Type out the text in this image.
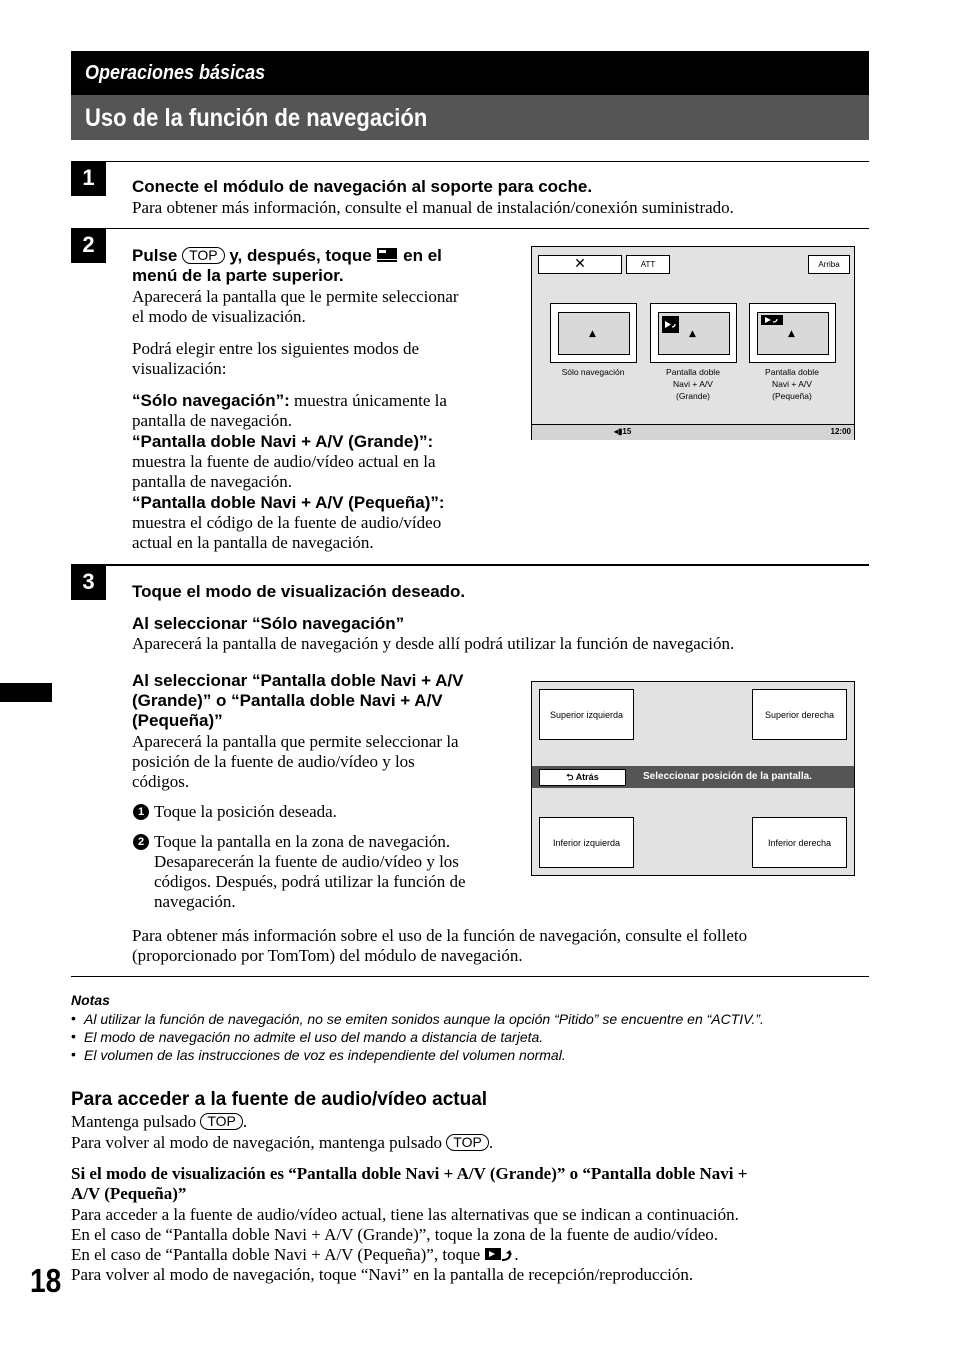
Operaciones básicas
Uso de la función de navegación
1	Conecte el módulo de navegación al soporte para coche.
Para obtener más información, consulte el manual de instalación/conexión suministrado.
2	Pulse TOP y, después, toque en el
menú de la parte superior.
Aparecerá la pantalla que le permite seleccionar
el modo de visualización.
Podrá elegir entre los siguientes modos de
visualización:
“Sólo navegación”: muestra únicamente la
pantalla de navegación.
“Pantalla doble Navi + A/V (Grande)”:
muestra la fuente de audio/vídeo actual en la
pantalla de navegación.
“Pantalla doble Navi + A/V (Pequeña)”:
muestra el código de la fuente de audio/vídeo
actual en la pantalla de navegación.
✕	ATT	Arriba
▲	▲	▲
Sólo navegación	Pantalla doble
Navi + A/V
(Grande)
Pantalla doble
Navi + A/V
(Pequeña)
◂▮15	12:00
3	Toque el modo de visualización deseado.
Al seleccionar “Sólo navegación”
Aparecerá la pantalla de navegación y desde allí podrá utilizar la función de navegación.
Al seleccionar “Pantalla doble Navi + A/V
(Grande)” o “Pantalla doble Navi + A/V
(Pequeña)”
Aparecerá la pantalla que permite seleccionar la
posición de la fuente de audio/vídeo y los
códigos.
1 Toque la posición deseada.
2 Toque la pantalla en la zona de navegación.
Desaparecerán la fuente de audio/vídeo y los
códigos. Después, podrá utilizar la función de
navegación.
Superior izquierda	Superior derecha
⮌ Atrás	Seleccionar posición de la pantalla.
Inferior izquierda	Inferior derecha
Para obtener más información sobre el uso de la función de navegación, consulte el folleto
(proporcionado por TomTom) del módulo de navegación.
Notas
• Al utilizar la función de navegación, no se emiten sonidos aunque la opción “Pitido” se encuentre en “ACTIV.”.
• El modo de navegación no admite el uso del mando a distancia de tarjeta.
• El volumen de las instrucciones de voz es independiente del volumen normal.
Para acceder a la fuente de audio/vídeo actual
Mantenga pulsado TOP .
Para volver al modo de navegación, mantenga pulsado TOP .
Si el modo de visualización es “Pantalla doble Navi + A/V (Grande)” o “Pantalla doble Navi +
A/V (Pequeña)”
Para acceder a la fuente de audio/vídeo actual, tiene las alternativas que se indican a continuación.
En el caso de “Pantalla doble Navi + A/V (Grande)”, toque la zona de la fuente de audio/vídeo.
En el caso de “Pantalla doble Navi + A/V (Pequeña)”, toque .
Para volver al modo de navegación, toque “Navi” en la pantalla de recepción/reproducción.
18
